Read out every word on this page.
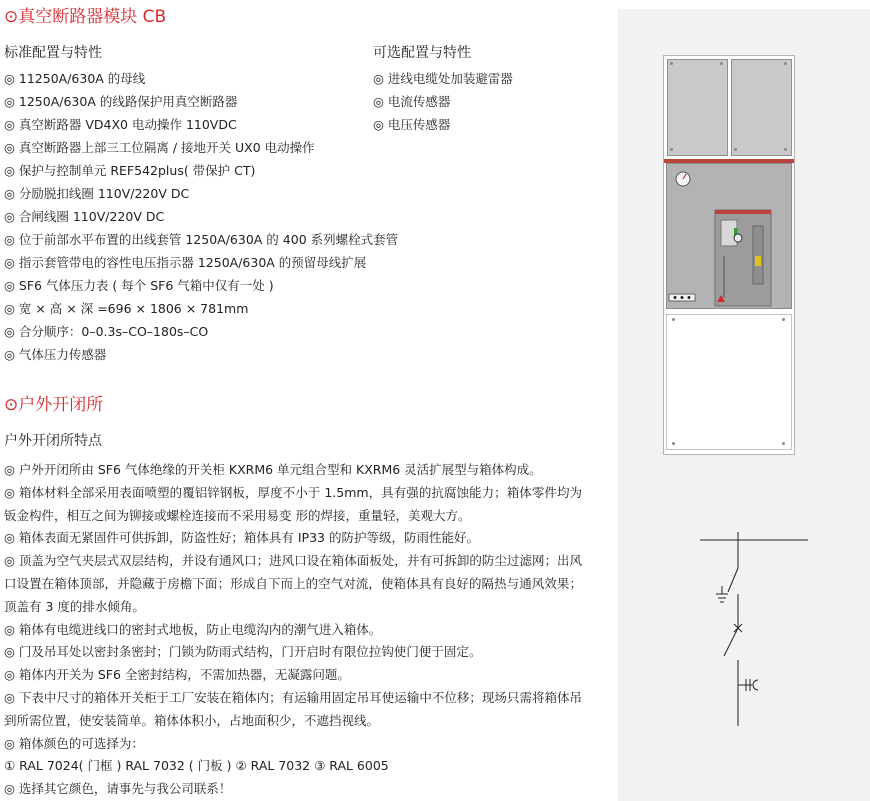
⊙真空断路器模块 CB
标准配置与特性	可选配置与特性
◎ 11250A/630A 的母线
◎ 1250A/630A 的线路保护用真空断路器
◎ 真空断路器 VD4X0 电动操作 110VDC
◎ 真空断路器上部三工位隔离 / 接地开关 UX0 电动操作
◎ 保护与控制单元 REF542plus( 带保护 CT)
◎ 分励脱扣线圈 110V/220V DC
◎ 合闸线圈 110V/220V DC
◎ 位于前部水平布置的出线套管 1250A/630A 的 400 系列螺栓式套管
◎ 指示套管带电的容性电压指示器 1250A/630A 的预留母线扩展
◎ SF6 气体压力表 ( 每个 SF6 气箱中仅有一处 )
◎ 宽 × 高 × 深 =696 × 1806 × 781mm
◎ 合分顺序：0–0.3s–CO–180s–CO
◎ 气体压力传感器
◎ 进线电缆处加装避雷器
◎ 电流传感器
◎ 电压传感器
⊙户外开闭所
户外开闭所特点
◎ 户外开闭所由 SF6 气体绝缘的开关柜 KXRM6 单元组合型和 KXRM6 灵活扩展型与箱体构成。
◎ 箱体材料全部采用表面喷塑的覆铝锌钢板，厚度不小于 1.5mm，具有强的抗腐蚀能力；箱体零件均为钣金构件，相互之间为铆接或螺栓连接而不采用易变 形的焊接，重量轻，美观大方。
◎ 箱体表面无紧固件可供拆卸，防盗性好；箱体具有 IP33 的防护等级，防雨性能好。
◎ 顶盖为空气夹层式双层结构，并设有通风口；进风口设在箱体面板处，并有可拆卸的防尘过滤网；出风口设置在箱体顶部，并隐藏于房檐下面；形成自下而上的空气对流，使箱体具有良好的隔热与通风效果；顶盖有 3 度的排水倾角。
◎ 箱体有电缆进线口的密封式地板，防止电缆沟内的潮气进入箱体。
◎ 门及吊耳处以密封条密封；门锁为防雨式结构，门开启时有限位拉钩使门便于固定。
◎ 箱体内开关为 SF6 全密封结构，不需加热器，无凝露问题。
◎ 下表中尺寸的箱体开关柜于工厂安装在箱体内；有运输用固定吊耳使运输中不位移；现场只需将箱体吊到所需位置，使安装简单。箱体体积小，占地面积少，不遮挡视线。
◎ 箱体颜色的可选择为：
① RAL 7024( 门框 ) RAL 7032 ( 门板 ) ② RAL 7032 ③ RAL 6005
◎ 选择其它颜色，请事先与我公司联系！
